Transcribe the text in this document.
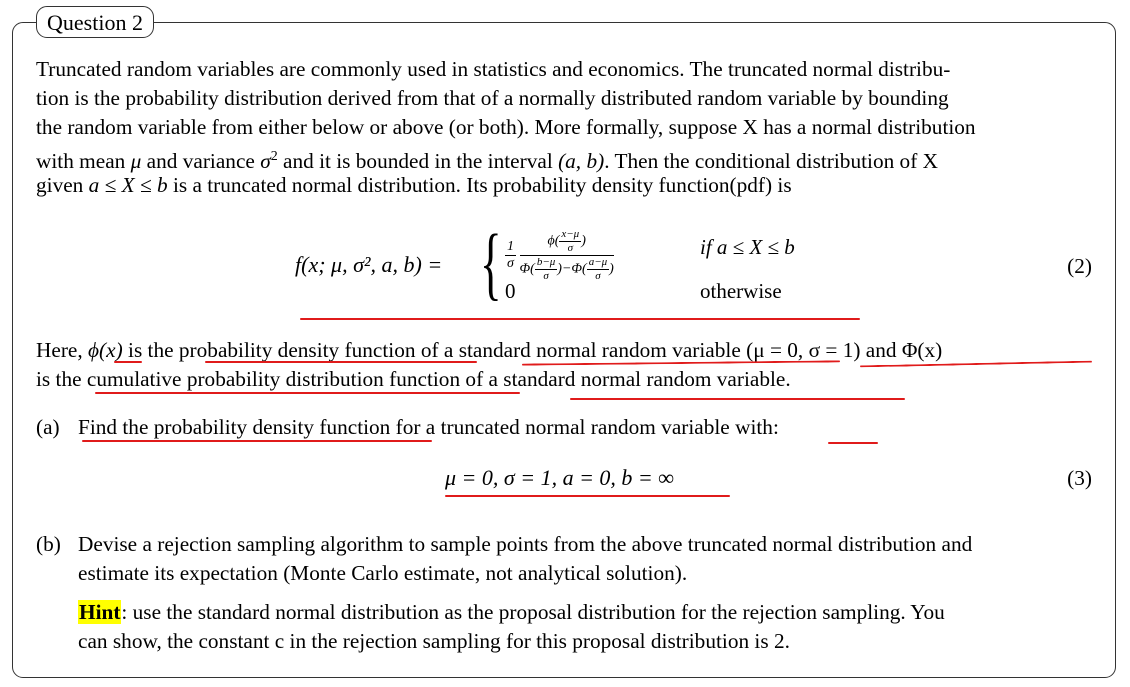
Question 2
Truncated random variables are commonly used in statistics and economics. The truncated normal distribu-
tion is the probability distribution derived from that of a normally distributed random variable by bounding
the random variable from either below or above (or both). More formally, suppose X has a normal distribution
with mean μ and variance $\sigma^2$ and it is bounded in the interval (a, b). Then the conditional distribution of X
given a ≤ X ≤ b is a truncated normal distribution. Its probability density function(pdf) is
f(x; μ, σ², a, b) = { $\frac{1}{\sigma}$
$\frac{\phi( \frac{x-\mu}{\sigma} )}{\Phi( \frac{b-\mu}{\sigma} )-\Phi( \frac{a-\mu}{\sigma} )}$	if a ≤ X ≤ b
0	otherwise
(2)
Here, ϕ(x) is the probability density function of a standard normal random variable (μ = 0, σ = 1) and Φ(x)
is the cumulative probability distribution function of a standard normal random variable.
(a) Find the probability density function for a truncated normal random variable with:
μ = 0, σ = 1, a = 0, b = ∞	(3)
(b) Devise a rejection sampling algorithm to sample points from the above truncated normal distribution and
estimate its expectation (Monte Carlo estimate, not analytical solution).
Hint: use the standard normal distribution as the proposal distribution for the rejection sampling. You
can show, the constant c in the rejection sampling for this proposal distribution is 2.
